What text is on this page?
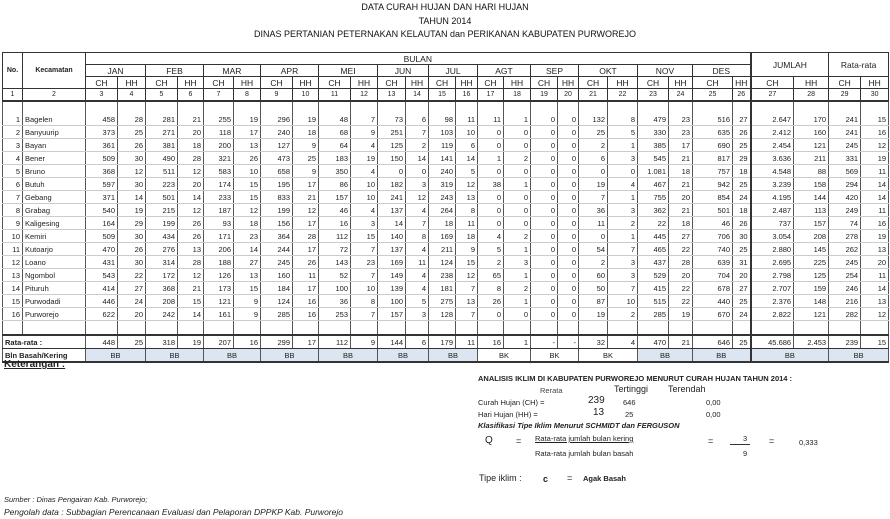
DATA CURAH HUJAN DAN HARI HUJAN
TAHUN 2014
DINAS PERTANIAN PETERNAKAN KELAUTAN dan PERIKANAN KABUPATEN PURWOREJO
No.	Kecamatan	BULAN																								JUMLAH		Rata-rata	
		JAN		FEB		MAR		APR		MEI		JUN		JUL		AGT		SEP		OKT		NOV		DES					
		CH	HH	CH	HH	CH	HH	CH	HH	CH	HH	CH	HH	CH	HH	CH	HH	CH	HH	CH	HH	CH	HH	CH	HH	CH	HH	CH	HH
1	2	3	4	5	6	7	8	9	10	11	12	13	14	15	16	17	18	19	20	21	22	23	24	25	26	27	28	29	30

1	Bagelen	458	28	281	21	255	19	296	19	48	7	73	6	98	11	11	1	0	0	132	8	479	23	516	27	2.647	170	241	15
2	Banyuurip	373	25	271	20	118	17	240	18	68	9	251	7	103	10	0	0	0	0	25	5	330	23	635	26	2.412	160	241	16
3	Bayan	361	26	381	18	200	13	127	9	64	4	125	2	119	6	0	0	0	0	2	1	385	17	690	25	2.454	121	245	12
4	Bener	509	30	490	28	321	26	473	25	183	19	150	14	141	14	1	2	0	0	6	3	545	21	817	29	3.636	211	331	19
5	Bruno	368	12	511	12	583	10	658	9	350	4	0	0	240	5	0	0	0	0	0	0	1.081	18	757	18	4.548	88	569	11
6	Butuh	597	30	223	20	174	15	195	17	86	10	182	3	319	12	38	1	0	0	19	4	467	21	942	25	3.239	158	294	14
7	Gebang	371	14	501	14	233	15	833	21	157	10	241	12	243	13	0	0	0	0	7	1	755	20	854	24	4.195	144	420	14
8	Grabag	540	19	215	12	187	12	199	12	46	4	137	4	264	8	0	0	0	0	36	3	362	21	501	18	2.487	113	249	11
9	Kaligesing	164	29	199	26	93	18	156	17	16	3	14	7	18	11	0	0	0	0	11	2	22	18	46	26	737	157	74	16
10	Kemiri	509	30	434	26	171	23	364	28	112	15	140	8	169	18	4	2	0	0	0	1	445	27	706	30	3.054	208	278	19
11	Kutoarjo	470	26	276	13	206	14	244	17	72	7	137	4	211	9	5	1	0	0	54	7	465	22	740	25	2.880	145	262	13
12	Loano	431	30	314	28	188	27	245	26	143	23	169	11	124	15	2	3	0	0	2	3	437	28	639	31	2.695	225	245	20
13	Ngombol	543	22	172	12	126	13	160	11	52	7	149	4	238	12	65	1	0	0	60	3	529	20	704	20	2.798	125	254	11
14	Pituruh	414	27	368	21	173	15	184	17	100	10	139	4	181	7	8	2	0	0	50	7	415	22	678	27	2.707	159	246	14
15	Purwodadi	446	24	208	15	121	9	124	16	36	8	100	5	275	13	26	1	0	0	87	10	515	22	440	25	2.376	148	216	13
16	Purworejo	622	20	242	14	161	9	285	16	253	7	157	3	128	7	0	0	0	0	19	2	285	19	670	24	2.822	121	282	12

Rata-rata :		448	25	318	19	207	16	299	17	112	9	144	6	179	11	16	1	-	-	32	4	470	21	646	25	45.686	2.453	239	15
Bln Basah/Kering		BB		BB		BB		BB		BB		BB		BB		BK		BK		BK		BB		BB		BB		BB	
Keterangan :
ANALISIS IKLIM DI KABUPATEN PURWOREJO MENURUT CURAH HUJAN TAHUN 2014 :
Rerata	Tertinggi Terendah
Curah Hujan (CH) =	239 646	0,00
Hari Hujan (HH) =	13	25	0,00
Klasifikasi Tipe Iklim Menurut SCHMIDT dan FERGUSON
Q	= Rata-rata jumlah bulan kering
Rata-rata jumlah bulan basah
=	3
9
=	0,333
Tipe iklim : c = Agak Basah
Sumber : Dinas Pengairan Kab. Purworejo;
Pengolah data : Subbagian Perencanaan Evaluasi dan Pelaporan DPPKP Kab. Purworejo
